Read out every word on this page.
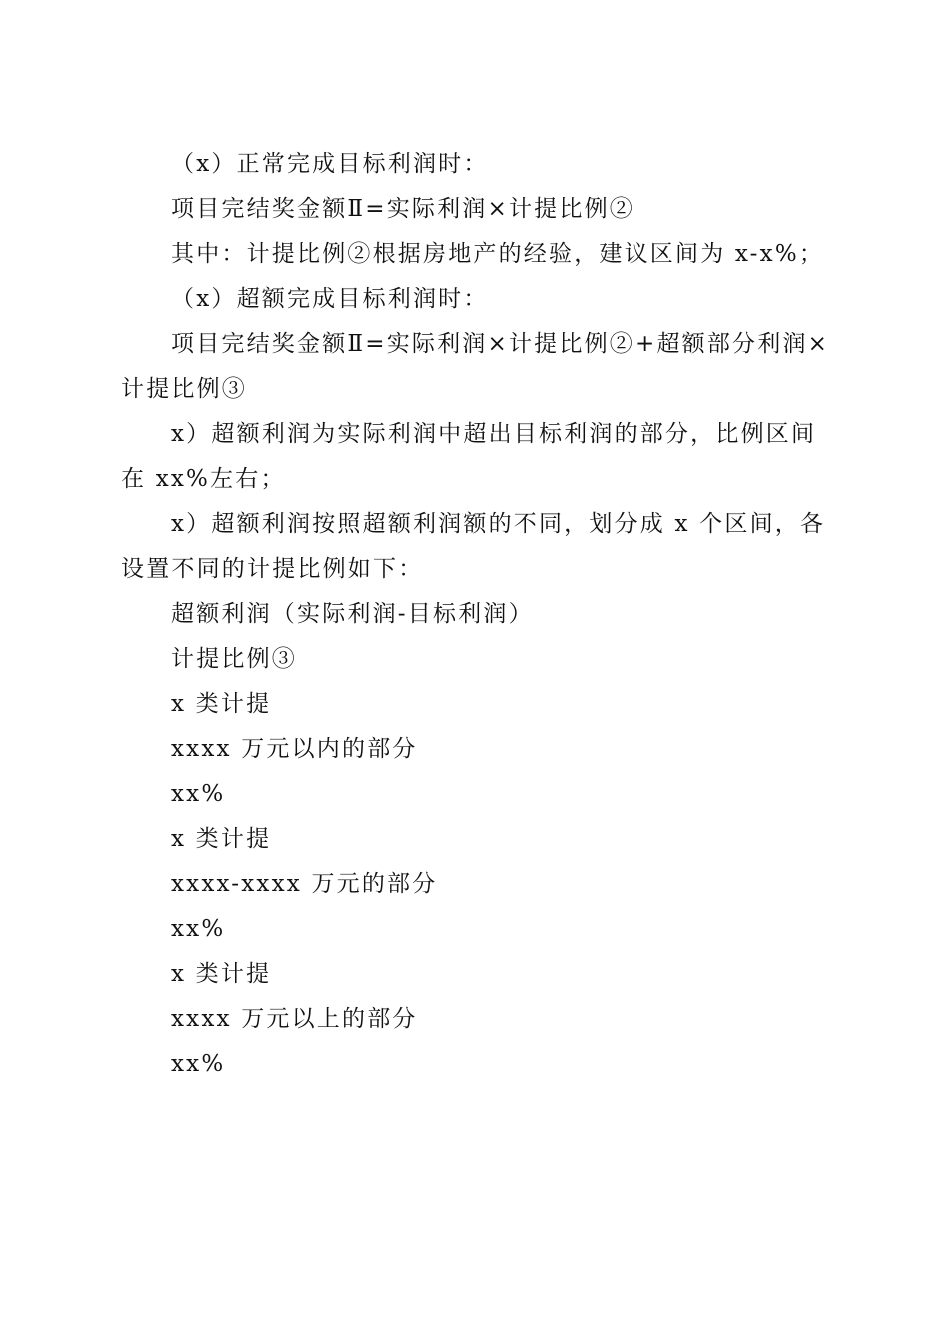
（x）正常完成目标利润时：

项目完结奖金额Ⅱ=实际利润×计提比例②

其中：计提比例②根据房地产的经验，建议区间为 x-x%；

（x）超额完成目标利润时：

项目完结奖金额Ⅱ=实际利润×计提比例②+超额部分利润×计提比例③

x）超额利润为实际利润中超出目标利润的部分，比例区间在 xx%左右；

x）超额利润按照超额利润额的不同，划分成 x 个区间，各设置不同的计提比例如下：

超额利润（实际利润-目标利润）

计提比例③

x 类计提

xxxx 万元以内的部分

xx%

x 类计提

xxxx-xxxx 万元的部分

xx%

x 类计提

xxxx 万元以上的部分

xx%
